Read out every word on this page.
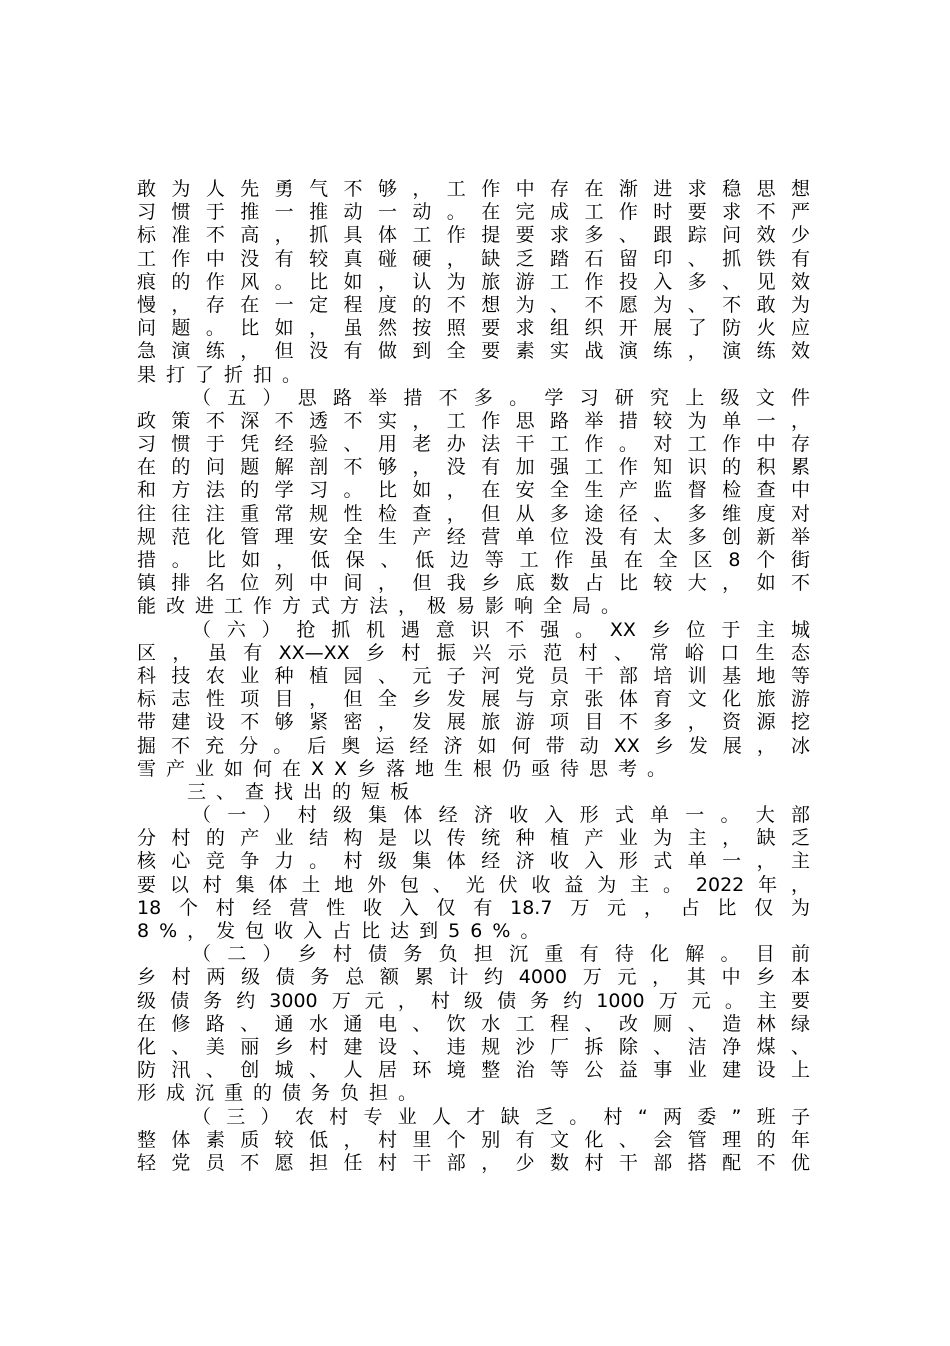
敢为人先勇气不够，工作中存在渐进求稳思想
习惯于推一推动一动。在完成工作时要求不严
标准不高，抓具体工作提要求多、跟踪问效少
工作中没有较真碰硬，缺乏踏石留印、抓铁有
痕的作风。比如，认为旅游工作投入多、见效
慢，存在一定程度的不想为、不愿为、不敢为
问题。比如，虽然按照要求组织开展了防火应
急演练，但没有做到全要素实战演练，演练效
果打了折扣。
（五）思路举措不多。学习研究上级文件
政策不深不透不实，工作思路举措较为单一，
习惯于凭经验、用老办法干工作。对工作中存
在的问题解剖不够，没有加强工作知识的积累
和方法的学习。比如，在安全生产监督检查中
往往注重常规性检查，但从多途径、多维度对
规范化管理安全生产经营单位没有太多创新举
措。比如，低保、低边等工作虽在全区8个街
镇排名位列中间，但我乡底数占比较大，如不
能改进工作方式方法，极易影响全局。
（六）抢抓机遇意识不强。XX乡位于主城
区，虽有XX—XX乡村振兴示范村、常峪口生态
科技农业种植园、元子河党员干部培训基地等
标志性项目，但全乡发展与京张体育文化旅游
带建设不够紧密，发展旅游项目不多，资源挖
掘不充分。后奥运经济如何带动XX乡发展，冰
雪产业如何在XX乡落地生根仍亟待思考。
三、查找出的短板
（一）村级集体经济收入形式单一。大部
分村的产业结构是以传统种植产业为主，缺乏
核心竞争力。村级集体经济收入形式单一，主
要以村集体土地外包、光伏收益为主。2022年，
18个村经营性收入仅有18.7万元，占比仅为
8%，发包收入占比达到56%。
（二）乡村债务负担沉重有待化解。目前
乡村两级债务总额累计约4000万元，其中乡本
级债务约3000万元，村级债务约1000万元。主要
在修路、通水通电、饮水工程、改厕、造林绿
化、美丽乡村建设、违规沙厂拆除、洁净煤、
防汛、创城、人居环境整治等公益事业建设上
形成沉重的债务负担。
（三）农村专业人才缺乏。村“两委”班子
整体素质较低，村里个别有文化、会管理的年
轻党员不愿担任村干部，少数村干部搭配不优
